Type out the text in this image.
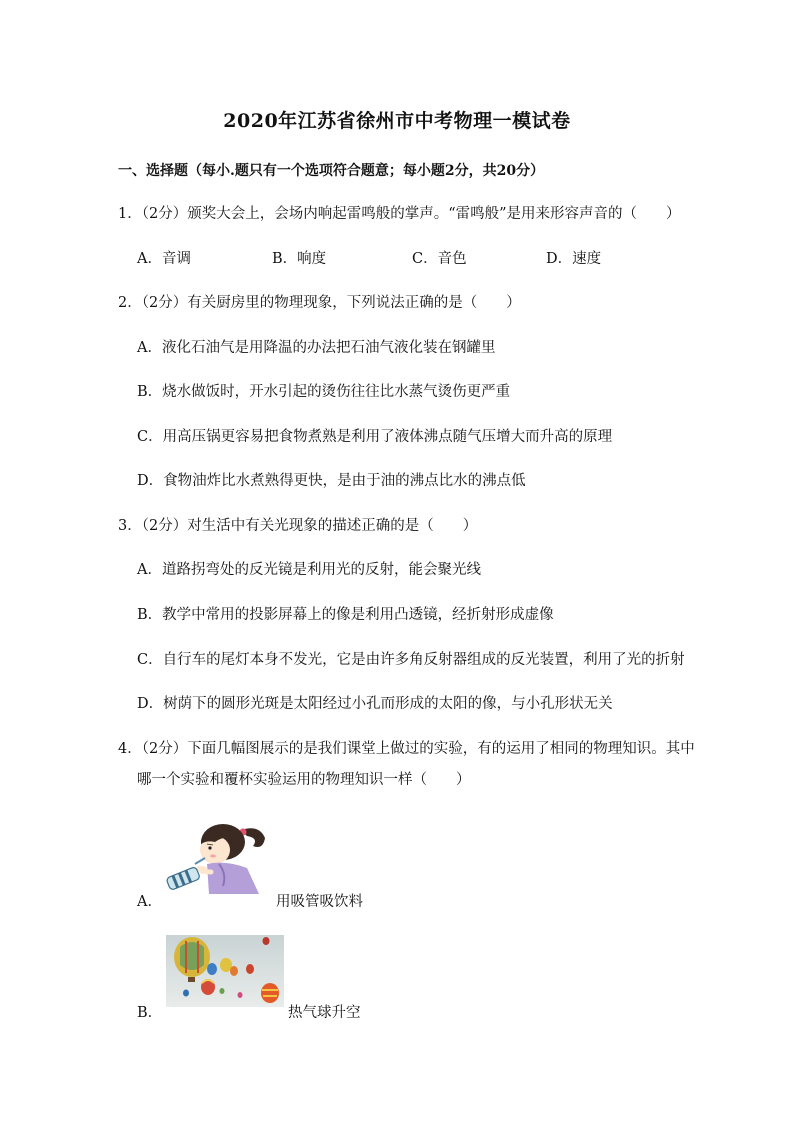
2020年江苏省徐州市中考物理一模试卷
一、选择题（每小.题只有一个选项符合题意；每小题2分，共20分）
1．（2分）颁奖大会上，会场内响起雷鸣般的掌声。“雷鸣般”是用来形容声音的（　　）
A．音调	B．响度	C．音色	D．速度
2．（2分）有关厨房里的物理现象，下列说法正确的是（　　）
A．液化石油气是用降温的办法把石油气液化装在钢罐里
B．烧水做饭时，开水引起的烫伤往往比水蒸气烫伤更严重
C．用高压锅更容易把食物煮熟是利用了液体沸点随气压增大而升高的原理
D．食物油炸比水煮熟得更快，是由于油的沸点比水的沸点低
3．（2分）对生活中有关光现象的描述正确的是（　　）
A．道路拐弯处的反光镜是利用光的反射，能会聚光线
B．教学中常用的投影屏幕上的像是利用凸透镜，经折射形成虚像
C．自行车的尾灯本身不发光，它是由许多角反射器组成的反光装置，利用了光的折射
D．树荫下的圆形光斑是太阳经过小孔而形成的太阳的像，与小孔形状无关
4．（2分）下面几幅图展示的是我们课堂上做过的实验，有的运用了相同的物理知识。其中
哪一个实验和覆杯实验运用的物理知识一样（　　）
A．	用吸管吸饮料
B．	热气球升空
